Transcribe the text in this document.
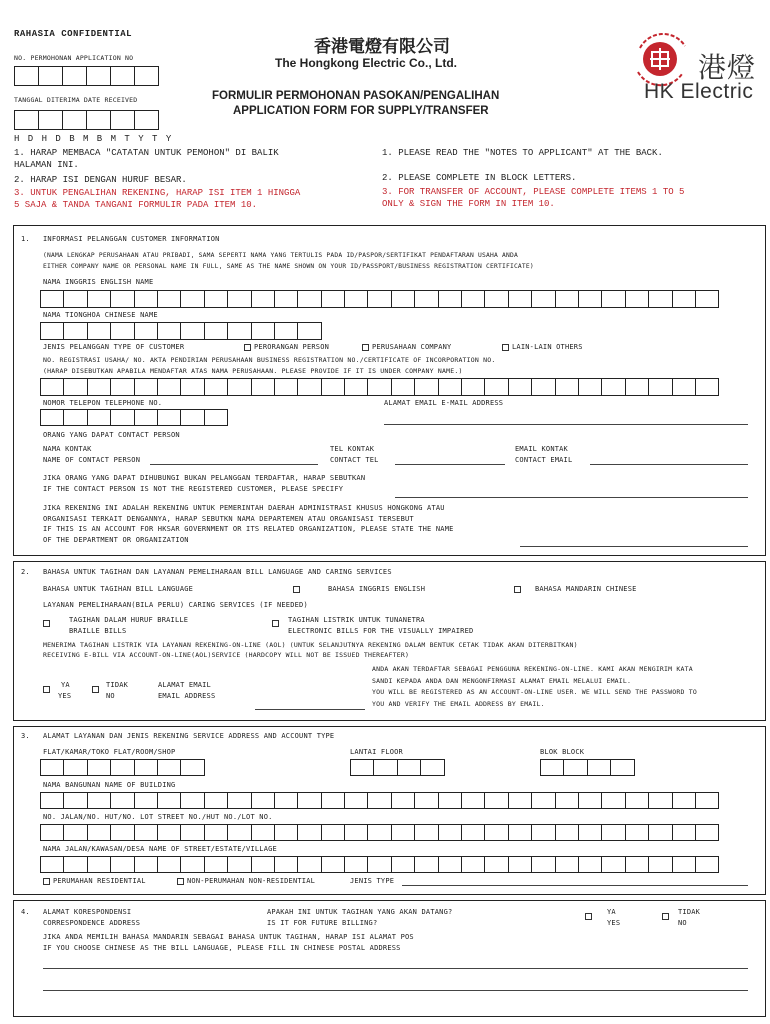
RAHASIA CONFIDENTIAL
NO. PERMOHONAN APPLICATION NO
TANGGAL DITERIMA DATE RECEIVED
H D H D B M B M T Y T Y
香港電燈有限公司
The Hongkong Electric Co., Ltd.
FORMULIR PERMOHONAN PASOKAN/PENGALIHAN
APPLICATION FORM FOR SUPPLY/TRANSFER
港燈
HK Electric
1. HARAP MEMBACA "CATATAN UNTUK PEMOHON" DI BALIK
HALAMAN INI.
2. HARAP ISI DENGAN HURUF BESAR.
3. UNTUK PENGALIHAN REKENING, HARAP ISI ITEM 1 HINGGA
5 SAJA & TANDA TANGANI FORMULIR PADA ITEM 10.
1. PLEASE READ THE "NOTES TO APPLICANT" AT THE BACK.
2. PLEASE COMPLETE IN BLOCK LETTERS.
3. FOR TRANSFER OF ACCOUNT, PLEASE COMPLETE ITEMS 1 TO 5
ONLY & SIGN THE FORM IN ITEM 10.
1. INFORMASI PELANGGAN CUSTOMER INFORMATION
(NAMA LENGKAP PERUSAHAAN ATAU PRIBADI, SAMA SEPERTI NAMA YANG TERTULIS PADA ID/PASPOR/SERTIFIKAT PENDAFTARAN USAHA ANDA
EITHER COMPANY NAME OR PERSONAL NAME IN FULL, SAME AS THE NAME SHOWN ON YOUR ID/PASSPORT/BUSINESS REGISTRATION CERTIFICATE)
NAMA INGGRIS ENGLISH NAME
NAMA TIONGHOA CHINESE NAME
JENIS PELANGGAN TYPE OF CUSTOMER	PERORANGAN PERSON	PERUSAHAAN COMPANY	LAIN-LAIN OTHERS
NO. REGISTRASI USAHA/ NO. AKTA PENDIRIAN PERUSAHAAN BUSINESS REGISTRATION NO./CERTIFICATE OF INCORPORATION NO.
(HARAP DISEBUTKAN APABILA MENDAFTAR ATAS NAMA PERUSAHAAN. PLEASE PROVIDE IF IT IS UNDER COMPANY NAME.)
NOMOR TELEPON TELEPHONE NO.	ALAMAT EMAIL E-MAIL ADDRESS
ORANG YANG DAPAT CONTACT PERSON
NAMA KONTAK
NAME OF CONTACT PERSON
TEL KONTAK
CONTACT TEL
EMAIL KONTAK
CONTACT EMAIL
JIKA ORANG YANG DAPAT DIHUBUNGI BUKAN PELANGGAN TERDAFTAR, HARAP SEBUTKAN
IF THE CONTACT PERSON IS NOT THE REGISTERED CUSTOMER, PLEASE SPECIFY
JIKA REKENING INI ADALAH REKENING UNTUK PEMERINTAH DAERAH ADMINISTRASI KHUSUS HONGKONG ATAU
ORGANISASI TERKAIT DENGANNYA, HARAP SEBUTKN NAMA DEPARTEMEN ATAU ORGANISASI TERSEBUT
IF THIS IS AN ACCOUNT FOR HKSAR GOVERNMENT OR ITS RELATED ORGANIZATION, PLEASE STATE THE NAME
OF THE DEPARTMENT OR ORGANIZATION
2. BAHASA UNTUK TAGIHAN DAN LAYANAN PEMELIHARAAN BILL LANGUAGE AND CARING SERVICES
BAHASA UNTUK TAGIHAN BILL LANGUAGE	BAHASA INGGRIS ENGLISH	BAHASA MANDARIN CHINESE
LAYANAN PEMELIHARAAN(BILA PERLU) CARING SERVICES (IF NEEDED)
TAGIHAN DALAM HURUF BRAILLE
BRAILLE BILLS
TAGIHAN LISTRIK UNTUK TUNANETRA
ELECTRONIC BILLS FOR THE VISUALLY IMPAIRED
MENERIMA TAGIHAN LISTRIK VIA LAYANAN REKENING-ON-LINE (AOL) (UNTUK SELANJUTNYA REKENING DALAM BENTUK CETAK TIDAK AKAN DITERBITKAN)
RECEIVING E-BILL VIA ACCOUNT-ON-LINE(AOL)SERVICE (HARDCOPY WILL NOT BE ISSUED THEREAFTER)
YA
YES
TIDAK
NO
ALAMAT EMAIL
EMAIL ADDRESS
ANDA AKAN TERDAFTAR SEBAGAI PENGGUNA REKENING-ON-LINE. KAMI AKAN MENGIRIM KATA
SANDI KEPADA ANDA DAN MENGONFIRMASI ALAMAT EMAIL MELALUI EMAIL.
YOU WILL BE REGISTERED AS AN ACCOUNT-ON-LINE USER. WE WILL SEND THE PASSWORD TO
YOU AND VERIFY THE EMAIL ADDRESS BY EMAIL.
3. ALAMAT LAYANAN DAN JENIS REKENING SERVICE ADDRESS AND ACCOUNT TYPE
FLAT/KAMAR/TOKO FLAT/ROOM/SHOP	LANTAI FLOOR	BLOK BLOCK
NAMA BANGUNAN NAME OF BUILDING
NO. JALAN/NO. HUT/NO. LOT STREET NO./HUT NO./LOT NO.
NAMA JALAN/KAWASAN/DESA NAME OF STREET/ESTATE/VILLAGE
PERUMAHAN RESIDENTIAL	NON-PERUMAHAN NON-RESIDENTIAL	JENIS TYPE
4. ALAMAT KORESPONDENSI
CORRESPONDENCE ADDRESS
APAKAH INI UNTUK TAGIHAN YANG AKAN DATANG?
IS IT FOR FUTURE BILLING?
YA
YES
TIDAK
NO
JIKA ANDA MEMILIH BAHASA MANDARIN SEBAGAI BAHASA UNTUK TAGIHAN, HARAP ISI ALAMAT POS
IF YOU CHOOSE CHINESE AS THE BILL LANGUAGE, PLEASE FILL IN CHINESE POSTAL ADDRESS
